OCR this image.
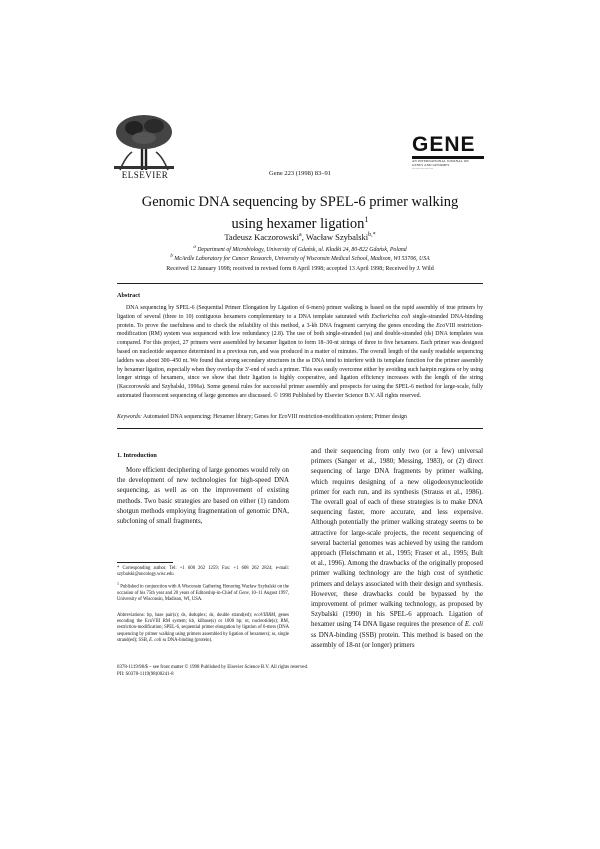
ELSEVIER	Gene 223 (1998) 83–91
GENE
AN INTERNATIONAL JOURNAL ON
GENES AND GENOMES
-----------------
Genomic DNA sequencing by SPEL-6 primer walking
using hexamer ligation$^1$
Tadeusz Kaczorowski$^a$, Wacław Szybalski$^{b,*}$
$^a$ Department of Microbiology, University of Gdańsk, ul. Kładki 24, 80-822 Gdańsk, Poland
$^b$ McArdle Laboratory for Cancer Research, University of Wisconsin Medical School, Madison, WI 53706, USA
Received 12 January 1998; received in revised form 8 April 1998; accepted 13 April 1998; Received by J. Wild
Abstract
DNA sequencing by SPEL-6 (Sequential Primer Elongation by Ligation of 6-mers) primer walking is based on the rapid assembly of true primers by ligation of several (three to 10) contiguous hexamers complementary to a DNA template saturated with Escherichia coli single-stranded DNA-binding protein. To prove the usefulness and to check the reliability of this method, a 3-kb DNA fragment carrying the genes encoding the EcoVIII restriction-modification (RM) system was sequenced with low redundancy (2.8). The use of both single-stranded (ss) and double-stranded (ds) DNA templates was compared. For this project, 27 primers were assembled by hexamer ligation to form 18–30-nt strings of three to five hexamers. Each primer was designed based on nucleotide sequence determined in a previous run, and was produced in a matter of minutes. The overall length of the easily readable sequencing ladders was about 300–450 nt. We found that strong secondary structures in the ss DNA tend to interfere with its template function for the primer assembly by hexamer ligation, especially when they overlap the 3′-end of such a primer. This was easily overcome either by avoiding such hairpin regions or by using longer strings of hexamers, since we show that their ligation is highly cooperative, and ligation efficiency increases with the length of the string (Kaczorowski and Szybalski, 1996a). Some general rules for successful primer assembly and prospects for using the SPEL-6 method for large-scale, fully automated fluorescent sequencing of large genomes are discussed. © 1998 Published by Elsevier Science B.V. All rights reserved.
Keywords: Automated DNA sequencing; Hexamer library; Genes for EcoVIII restriction-modification system; Primer design
1. Introduction
More efficient deciphering of large genomes would rely on the development of new technologies for high-speed DNA sequencing, as well as on the improvement of existing methods. Two basic strategies are based on either (1) random shotgun methods employing fragmentation of genomic DNA, subcloning of small fragments,
and their sequencing from only two (or a few) universal primers (Sanger et al., 1980; Messing, 1983), or (2) direct sequencing of large DNA fragments by primer walking, which requires designing of a new oligodeoxynucleotide primer for each run, and its synthesis (Strauss et al., 1986). The overall goal of each of these strategies is to make DNA sequencing faster, more accurate, and less expensive. Although potentially the primer walking strategy seems to be attractive for large-scale projects, the recent sequencing of several bacterial genomes was achieved by using the random approach (Fleischmann et al., 1995; Fraser et al., 1995; Bult et al., 1996). Among the drawbacks of the originally proposed primer walking technology are the high cost of synthetic primers and delays associated with their design and synthesis. However, these drawbacks could be bypassed by the improvement of primer walking technology, as proposed by Szybalski (1990) in his SPEL-6 approach. Ligation of hexamer using T4 DNA ligase requires the presence of E. coli ss DNA-binding (SSB) protein. This method is based on the assembly of 18-nt (or longer) primers
* Corresponding author. Tel: +1 608 262 1259; Fax: +1 608 262 2824; e-mail: szybalski@oncology.wisc.edu
$^1$ Published in conjunction with A Wisconsin Gathering Honoring Wacław Szybalski on the occasion of his 75th year and 20 years of Editorship-in-Chief of Gene, 10–11 August 1997, University of Wisconsin, Madison, WI, USA.
Abbreviations: bp, base pair(s); ds, dsduplex; ds, double strand(ed); ecoVIIIRM, genes encoding the EcoVIII RM system; kb, kilbase(s) or 1000 bp; nt, nucleotide(s); RM, restriction-modification; SPEL-6, sequential primer elongation by ligation of 6-mers (DNA sequencing by primer walking using primers assembled by ligation of hexamers); ss, single strand(ed); SSB, E. coli ss DNA-binding (protein).
0378-1119/98/$ – see front matter © 1998 Published by Elsevier Science B.V. All rights reserved.
PII: S0378-1119(98)00241-8
